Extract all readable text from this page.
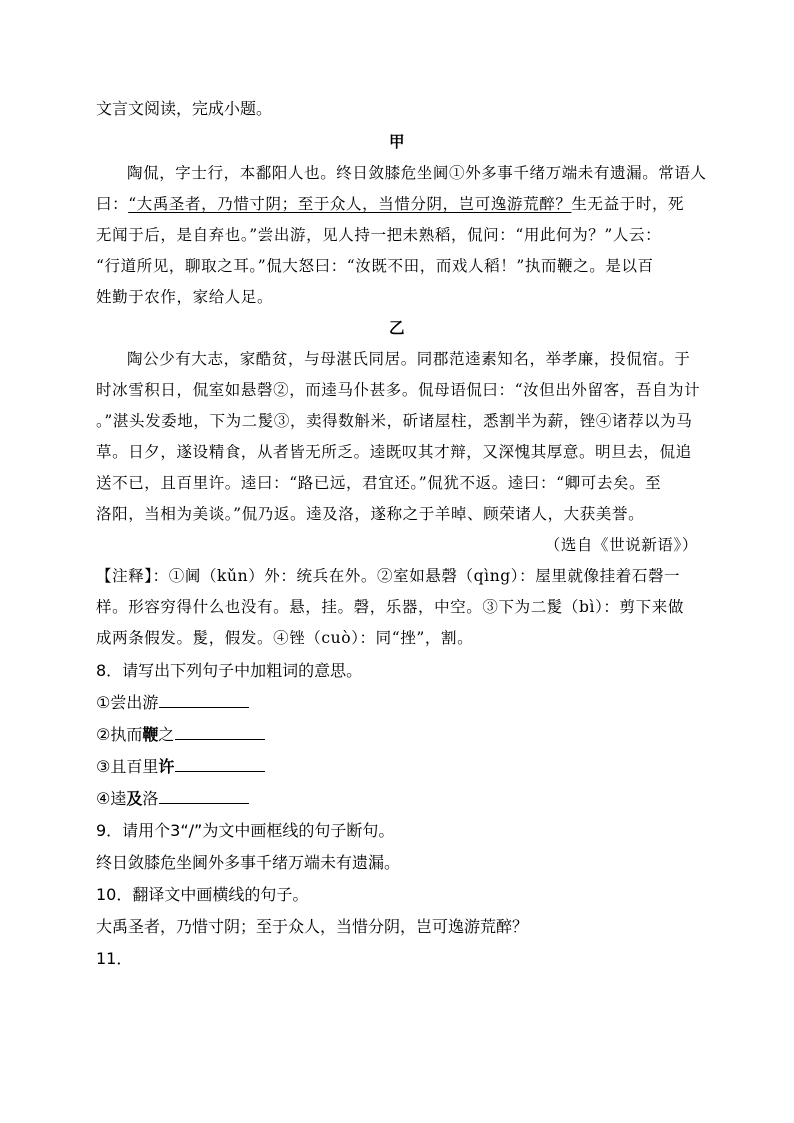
文言文阅读，完成小题。
甲
陶侃，字士行，本鄱阳人也。终日敛膝危坐阃①外多事千绪万端未有遗漏。常语人
曰：“大禹圣者，乃惜寸阴；至于众人，当惜分阴，岂可逸游荒醉？生无益于时，死
无闻于后，是自弃也。”尝出游，见人持一把未熟稻，侃问：“用此何为？”人云：
“行道所见，聊取之耳。”侃大怒曰：“汝既不田，而戏人稻！”执而鞭之。是以百
姓勤于农作，家给人足。
乙
陶公少有大志，家酷贫，与母湛氏同居。同郡范逵素知名，举孝廉，投侃宿。于
时冰雪积日，侃室如悬磬②，而逵马仆甚多。侃母语侃曰：“汝但出外留客，吾自为计
。”湛头发委地，下为二髲③，卖得数斛米，斫诸屋柱，悉割半为薪，锉④诸荐以为马
草。日夕，遂设精食，从者皆无所乏。逵既叹其才辩，又深愧其厚意。明旦去，侃追
送不已，且百里许。逵曰：“路已远，君宜还。”侃犹不返。逵曰：“卿可去矣。至
洛阳，当相为美谈。”侃乃返。逵及洛，遂称之于羊晫、顾荣诸人，大获美誉。
（选自《世说新语》）
【注释】：①阃（kǔn）外：统兵在外。②室如悬磬（qìng）：屋里就像挂着石磬一
样。形容穷得什么也没有。悬，挂。磬，乐器，中空。③下为二髲（bì）：剪下来做
成两条假发。髲，假发。④锉（cuò）：同“挫”，割。
8．请写出下列句子中加粗词的意思。
①尝出游
②执而鞭之
③且百里许
④逵及洛
9．请用个3“/”为文中画框线的句子断句。
终日敛膝危坐阃外多事千绪万端未有遗漏。
10．翻译文中画横线的句子。
大禹圣者，乃惜寸阴；至于众人，当惜分阴，岂可逸游荒醉？
11．
